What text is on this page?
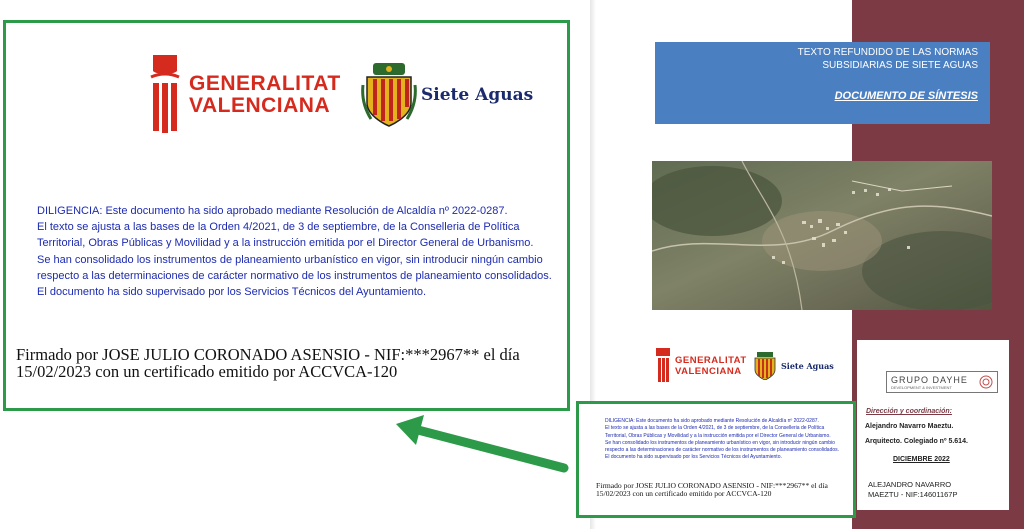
TEXTO REFUNDIDO DE LAS NORMAS
SUBSIDIARIAS DE SIETE AGUAS
DOCUMENTO DE SÍNTESIS
GENERALITAT
VALENCIANA	Siete Aguas
EQUIPO TÉCNICO REDACTOR:
GRUPO DAYHE
DEVELOPMENT & INVESTMENT
Dirección y coordinación:
Alejandro Navarro Maeztu.
Arquitecto. Colegiado nº 5.614.
DICIEMBRE 2022
ALEJANDRO NAVARRO
MAEZTU - NIF:14601167P

DILIGENCIA: Este documento ha sido aprobado mediante Resolución de Alcaldía nº 2022-0287.

El texto se ajusta a las bases de la Orden 4/2021, de 3 de septiembre, de la Conselleria de Política Territorial, Obras Públicas y Movilidad y a la instrucción emitida por el Director General de Urbanismo.

Se han consolidado los instrumentos de planeamiento urbanístico en vigor, sin introducir ningún cambio respecto a las determinaciones de carácter normativo de los instrumentos de planeamiento consolidados.

El documento ha sido supervisado por los Servicios Técnicos del Ayuntamiento.

Firmado por JOSE JULIO CORONADO ASENSIO - NIF:***2967** el día 15/02/2023 con un certificado emitido por ACCVCA-120
GENERALITAT
VALENCIANA	Siete Aguas

DILIGENCIA: Este documento ha sido aprobado mediante Resolución de Alcaldía nº 2022-0287.

El texto se ajusta a las bases de la Orden 4/2021, de 3 de septiembre, de la Conselleria de Política Territorial, Obras Públicas y Movilidad y a la instrucción emitida por el Director General de Urbanismo.

Se han consolidado los instrumentos de planeamiento urbanístico en vigor, sin introducir ningún cambio respecto a las determinaciones de carácter normativo de los instrumentos de planeamiento consolidados.

El documento ha sido supervisado por los Servicios Técnicos del Ayuntamiento.

Firmado por JOSE JULIO CORONADO ASENSIO - NIF:***2967** el día 15/02/2023 con un certificado emitido por ACCVCA-120
